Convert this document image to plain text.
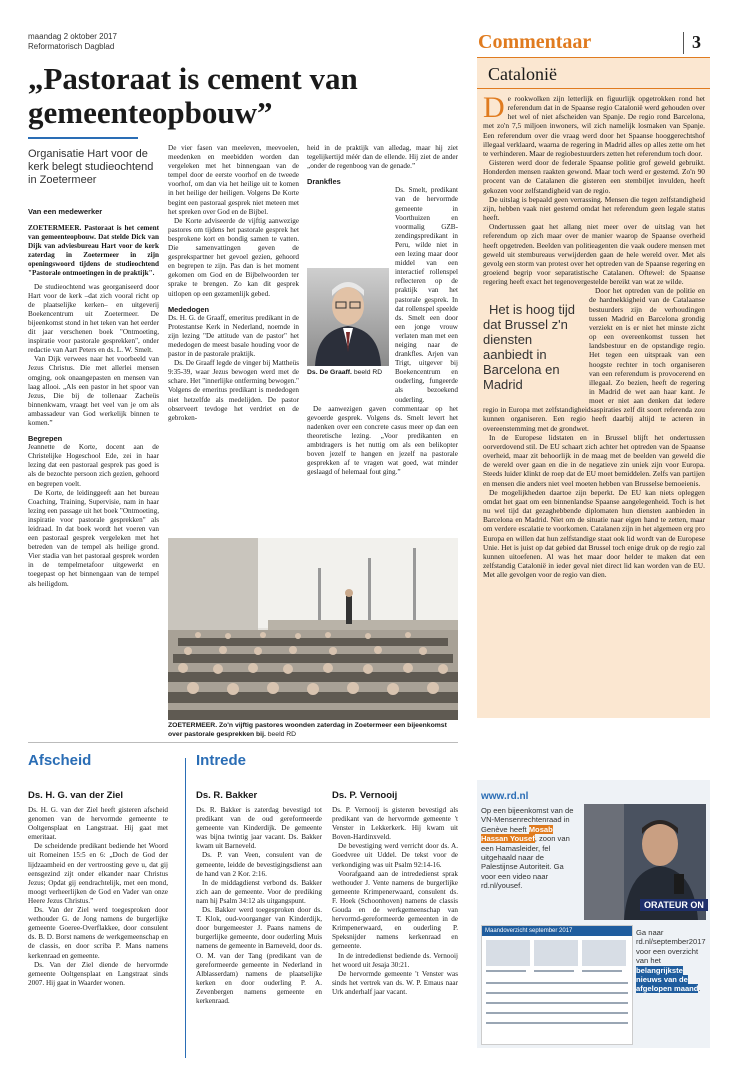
maandag 2 oktober 2017
Reformatorisch Dagblad	Commentaar	3
„Pastoraat is cement van gemeenteopbouw”
Organisatie Hart voor de kerk belegt studieochtend in Zoetermeer
Van een medewerker

ZOETERMEER. Pastoraat is het cement van gemeenteopbouw. Dat stelde Dick van Dijk van adviesbureau Hart voor de kerk zaterdag in Zoetermeer in zijn openingswoord tijdens de studieochtend "Pastorale ontmoetingen in de praktijk".

De studieochtend was georganiseerd door Hart voor de kerk –dat zich vooral richt op de plaatselijke kerken– en uitgeverij Boekencentrum uit Zoetermeer. De bijeenkomst stond in het teken van het eerder dit jaar verschenen boek "Ontmoeting, inspiratie voor pastorale gesprekken", onder redactie van Aart Peters en ds. L. W. Smelt.

Van Dijk verwees naar het voorbeeld van Jezus Christus. Die met allerlei mensen omging, ook onaangepasten en mensen van laag allooi. „Als een pastor in het spoor van Jezus, Die bij de tollenaar Zacheüs binnenkwam, vraagt het veel van je om als ambassadeur van God werkelijk binnen te komen.”

Begrepen

Jeannette de Korte, docent aan de Christelijke Hogeschool Ede, zei in haar lezing dat een pastoraal gesprek pas goed is als de bezochte persoon zich gezien, gehoord en begrepen voelt.

De Korte, de leidinggeeft aan het bureau Coaching, Training, Supervisie, nam in haar lezing een passage uit het boek "Ontmoeting, inspiratie voor pastorale gesprekken" als leidraad. In dat boek wordt het voeren van een pastoraal gesprek vergeleken met het betreden van de tempel als heilige grond. Vier stadia van het pastoraal gesprek worden in de tempelmetafoor uitgewerkt en toegepast op het binnengaan van de tempel als heiligdom.

De vier fasen van meeleven, meevoelen, meedenken en meebidden worden dan vergeleken met het binnengaan van de tempel door de eerste voorhof en de tweede voorhof, om dan via het heilige uit te komen in het heilige der heiligen. Volgens De Korte begint een pastoraal gesprek niet meteen met het spreken over God en de Bijbel.

De Korte adviseerde de vijftig aanwezige pastores om tijdens het pastorale gesprek het besprokene kort en bondig samen te vatten. Die samenvattingen geven de gesprekspartner het gevoel gezien, gehoord en begrepen te zijn. Pas dan is het moment gekomen om God en de Bijbelwoorden ter sprake te brengen. Zo kan dit gesprek uitlopen op een gezamenlijk gebed.

Mededogen

Ds. H. G. de Graaff, emeritus predikant in de Protestantse Kerk in Nederland, noemde in zijn lezing "De attitude van de pastor" het mededogen de meest basale houding voor de pastor in de pastorale praktijk.

Ds. De Graaff legde de vinger bij Mattheüs 9:35-39, waar Jezus bewogen werd met de schare. Het "innerlijke ontferming bewogen." Volgens de emeritus predikant is mededogen niet hetzelfde als medelijden. De pastor observeert tevdoge het verdriet en de gebroken-

heid in de praktijk van alledag, maar hij ziet tegelijkertijd méér dan de ellende. Hij ziet de ander „onder de regenboog van de genade.”

Drankfles

Ds. Smelt, predikant van de hervormde gemeente in Voorthuizen en voormalig GZB-zendingspredikant in Peru, wilde niet in een lezing maar door middel van een interactief rollenspel reflecteren op de praktijk van het pastorale gesprek. In dat rollenspel speelde ds. Smelt een door een jonge vrouw verlaten man met een neiging naar de drankfles. Arjen van Trigt, uitgever bij Boekencentrum en ouderling, fungeerde als bezoekend ouderling.

De aanwezigen gaven commentaar op het gevoerde gesprek. Volgens ds. Smelt levert het nadenken over een concrete casus meer op dan een theoretische lezing. „Voor predikanten en ambtdragers is het nuttig om als een belikopter boven jezelf te hangen en jezelf na pastorale gesprekken af te vragen wat goed, wat minder geslaagd of helemaal fout ging.”

Ds. De Graaff. beeld RD
ZOETERMEER. Zo'n vijftig pastores woonden zaterdag in Zoetermeer een bijeenkomst over pastorale gesprekken bij. beeld RD
Catalonië

De rookwolken zijn letterlijk en figuurlijk opgetrokken rond het referendum dat in de Spaanse regio Catalonië werd gehouden over het wel of niet afscheiden van Spanje. De regio rond Barcelona, met zo'n 7,5 miljoen inwoners, wil zich namelijk losmaken van Spanje. Een referendum over die vraag werd door het Spaanse hooggerechtshof illegaal verklaard, waarna de regering in Madrid alles op alles zette om het te verhinderen. Maar de regiobestuurders zetten het referendum toch door.

Gisteren werd door de federale Spaanse politie grof geweld gebruikt. Honderden mensen raakten gewond. Maar toch werd er gestemd. Zo'n 90 procent van de Catalanen die gisteren een stembiljet invulden, heeft gekozen voor zelfstandigheid van de regio.

De uitslag is bepaald geen verrassing. Mensen die tegen zelfstandigheid zijn, hebben vaak niet gestemd omdat het referendum geen legale status heeft.

Ondertussen gaat het allang niet meer over de uitslag van het referendum op zich maar over de manier waarop de Spaanse overheid heeft opgetreden. Beelden van politieagenten die vaak oudere mensen met geweld uit stembureaus verwijderden gaan de hele wereld over. Met als gevolg een storm van protest over het optreden van de Spaanse regering en groeiend begrip voor separatistische Catalanen. Oftewel: de Spaanse regering heeft exact het tegenovergestelde bereikt van wat ze wilde.

Het is hoog tijd dat Brussel z'n diensten aanbiedt in Barcelona en Madrid
Door het optreden van de politie en de hardnekkigheid van de Catalaanse bestuurders zijn de verhoudingen tussen Madrid en Barcelona grondig verziekt en is er niet het minste zicht op een overeenkomst tussen het landsbestuur en de opstandige regio. Het tegen een uitspraak van een hoogste rechter in toch organiseren van een referendum is provocerend en illegaal. Zo bezien, heeft de regering in Madrid de wet aan haar kant. Je moet er niet aan denken dat iedere regio in Europa met zelfstandigheidsaspiraties zelf dit soort referenda zou kunnen organiseren. Een regio heeft daarbij altijd te acteren in overeenstemming met de grondwet.

In de Europese lidstaten en in Brussel blijft het ondertussen oorverdovend stil. De EU schaart zich achter het optreden van de Spaanse overheid, maar zit behoorlijk in de maag met de beelden van geweld die de wereld over gaan en die in de negatieve zin uniek zijn voor Europa. Steeds luider klinkt de roep dat de EU moet bemiddelen. Zelfs van partijen en mensen die anders niet veel moeten hebben van Brusselse bemoeienis.

De mogelijkheden daartoe zijn beperkt. De EU kan niets opleggen omdat het gaat om een binnenlandse Spaanse aangelegenheid. Toch is het nu wel tijd dat gezaghebbende diplomaten hun diensten aanbieden in Barcelona en Madrid. Niet om de situatie naar eigen hand te zetten, maar om verdere escalatie te voorkomen. Catalanen zijn in het algemeen erg pro Europa en willen dat hun zelfstandige staat ook lid wordt van de Europese Unie. Het is juist op dat gebied dat Brussel toch enige druk op de regio zal kunnen uitoefenen. Al was het maar door helder te maken dat een zelfstandig Catalonië in ieder geval niet direct lid kan worden van de EU. Met alle gevolgen voor de regio van dien.

Afscheid
Ds. H. G. van der Ziel

Ds. H. G. van der Ziel heeft gisteren afscheid genomen van de hervormde gemeente te Ooltgensplaat en Langstraat. Hij gaat met emeritaat.

De scheidende predikant bediende het Woord uit Romeinen 15:5 en 6: „Doch de God der lijdzaamheid en der vertroosting geve u, dat gij eensgezind zijt onder elkander naar Christus Jezus; Opdat gij eendrachtelijk, met een mond, moogt verheerlijken de God en Vader van onze Heere Jezus Christus.”

Ds. Van der Ziel werd toegesproken door wethouder G. de Jong namens de burgerlijke gemeente Goeree-Overflakkee, door consulent ds. B. D. Borst namens de werkgemeenschap en de classis, en door scriba P. Mans namens kerkenraad en gemeente.

Ds. Van der Ziel diende de hervormde gemeente Ooltgensplaat en Langstraat sinds 2007. Hij gaat in Waarder wonen.

Intrede
Ds. R. Bakker

Ds. R. Bakker is zaterdag bevestigd tot predikant van de oud gereformeerde gemeente van Kinderdijk. De gemeente was bijna twintig jaar vacant. Ds. Bakker kwam uit Barneveld.

Ds. P. van Veen, consulent van de gemeente, leidde de bevestigingsdienst aan de hand van 2 Kor. 2:16.

In de middagdienst verbond ds. Bakker zich aan de gemeente. Voor de prediking nam hij Psalm 34:12 als uitgangspunt.

Ds. Bakker werd toegesproken door ds. T. Klok, oud-voorganger van Kinderdijk, door burgemeester J. Paans namens de burgerlijke gemeente, door ouderling Muis namens de gemeente in Barneveld, door ds. O. M. van der Tang (predikant van de gereformeerde gemeente in Nederland in Alblasserdam) namens de plaatselijke kerken en door ouderling P. A. Zevenbergen namens gemeente en kerkenraad.

Ds. P. Vernooij

Ds. P. Vernooij is gisteren bevestigd als predikant van de hervormde gemeente 't Venster in Lekkerkerk. Hij kwam uit Boven-Hardinxveld.

De bevestiging werd verricht door ds. A. Goedvree uit Uddel. De tekst voor de verkondiging was uit Psalm 92:14-16.

Voorafgaand aan de intrededienst sprak wethouder J. Vente namens de burgerlijke gemeente Krimpenerwaard, consulent ds. F. Hoek (Schoonhoven) namens de classis Gouda en de werkgemeenschap van hervormd-gereformeerde gemeenten in de Krimpenerwaard, en ouderling P. Speksnijder namens kerkenraad en gemeente.

In de intrededienst bediende ds. Vernooij het woord uit Jesaja 30:21.

De hervormde gemeente 't Venster was sinds het vertrek van ds. W. P. Emaus naar Urk anderhalf jaar vacant.

www.rd.nl
Op een bijeenkomst van de VN-Mensenrechtenraad in Genève heeft Mosab Hassan Yousef, zoon van een Hamasleider, fel uitgehaald naar de Palestijnse Autoriteit. Ga voor een video naar rd.nl/yousef.
ORATEUR ON
Maandoverzicht september 2017	Ga naar rd.nl/september2017 voor een overzicht van het belangrijkste nieuws van de afgelopen maand.
